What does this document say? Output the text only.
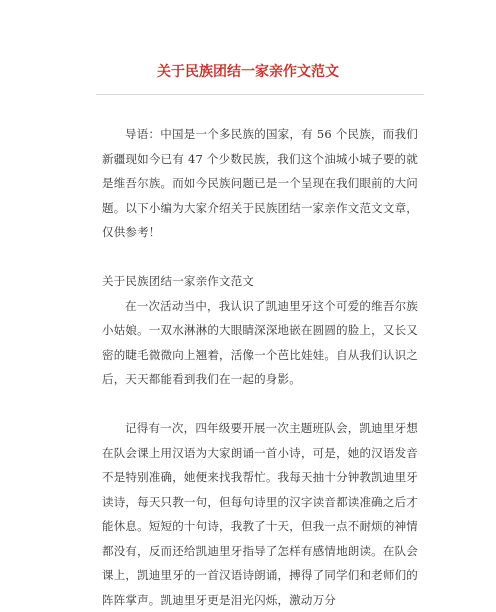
关于民族团结一家亲作文范文

导语：中国是一个多民族的国家，有 56 个民族，而我们新疆现如今已有 47 个少数民族，我们这个油城小城子要的就是维吾尔族。而如今民族问题已是一个呈现在我们眼前的大问题。以下小编为大家介绍关于民族团结一家亲作文范文文章，仅供参考！

关于民族团结一家亲作文范文

在一次活动当中，我认识了凯迪里牙这个可爱的维吾尔族小姑娘。一双水淋淋的大眼睛深深地嵌在圆圆的脸上，又长又密的睫毛微微向上翘着，活像一个芭比娃娃。自从我们认识之后，天天都能看到我们在一起的身影。

记得有一次，四年级要开展一次主题班队会，凯迪里牙想在队会课上用汉语为大家朗诵一首小诗，可是，她的汉语发音不是特别准确，她便来找我帮忙。我每天抽十分钟教凯迪里牙读诗，每天只教一句，但每句诗里的汉字读音都读准确之后才能休息。短短的十句诗，我教了十天，但我一点不耐烦的神情都没有，反而还给凯迪里牙指导了怎样有感情地朗读。在队会课上，凯迪里牙的一首汉语诗朗诵，搏得了同学们和老师们的阵阵掌声。凯迪里牙更是泪光闪烁，激动万分
